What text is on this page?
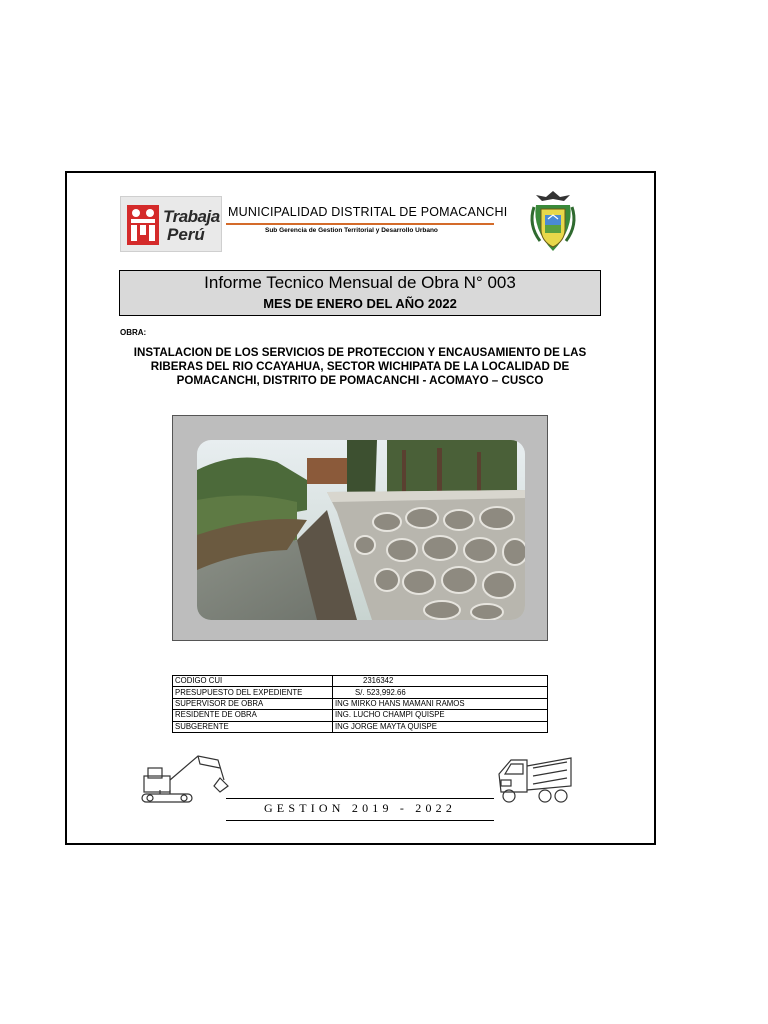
Trabaja
Perú
MUNICIPALIDAD DISTRITAL DE POMACANCHI
Sub Gerencia de Gestion Territorial y Desarrollo Urbano
Informe Tecnico Mensual de Obra N° 003
MES DE ENERO DEL AÑO 2022
OBRA:
INSTALACION DE LOS SERVICIOS DE PROTECCION Y ENCAUSAMIENTO DE LAS
RIBERAS DEL RIO CCAYAHUA, SECTOR WICHIPATA DE LA LOCALIDAD DE
POMACANCHI, DISTRITO DE POMACANCHI - ACOMAYO – CUSCO
CODIGO CUI	2316342
PRESUPUESTO DEL EXPEDIENTE	S/. 523,992.66
SUPERVISOR DE OBRA	ING MIRKO HANS MAMANI RAMOS
RESIDENTE DE OBRA	ING. LUCHO CHAMPI QUISPE
SUBGERENTE	ING JORGE MAYTA QUISPE
GESTION 2019 - 2022
